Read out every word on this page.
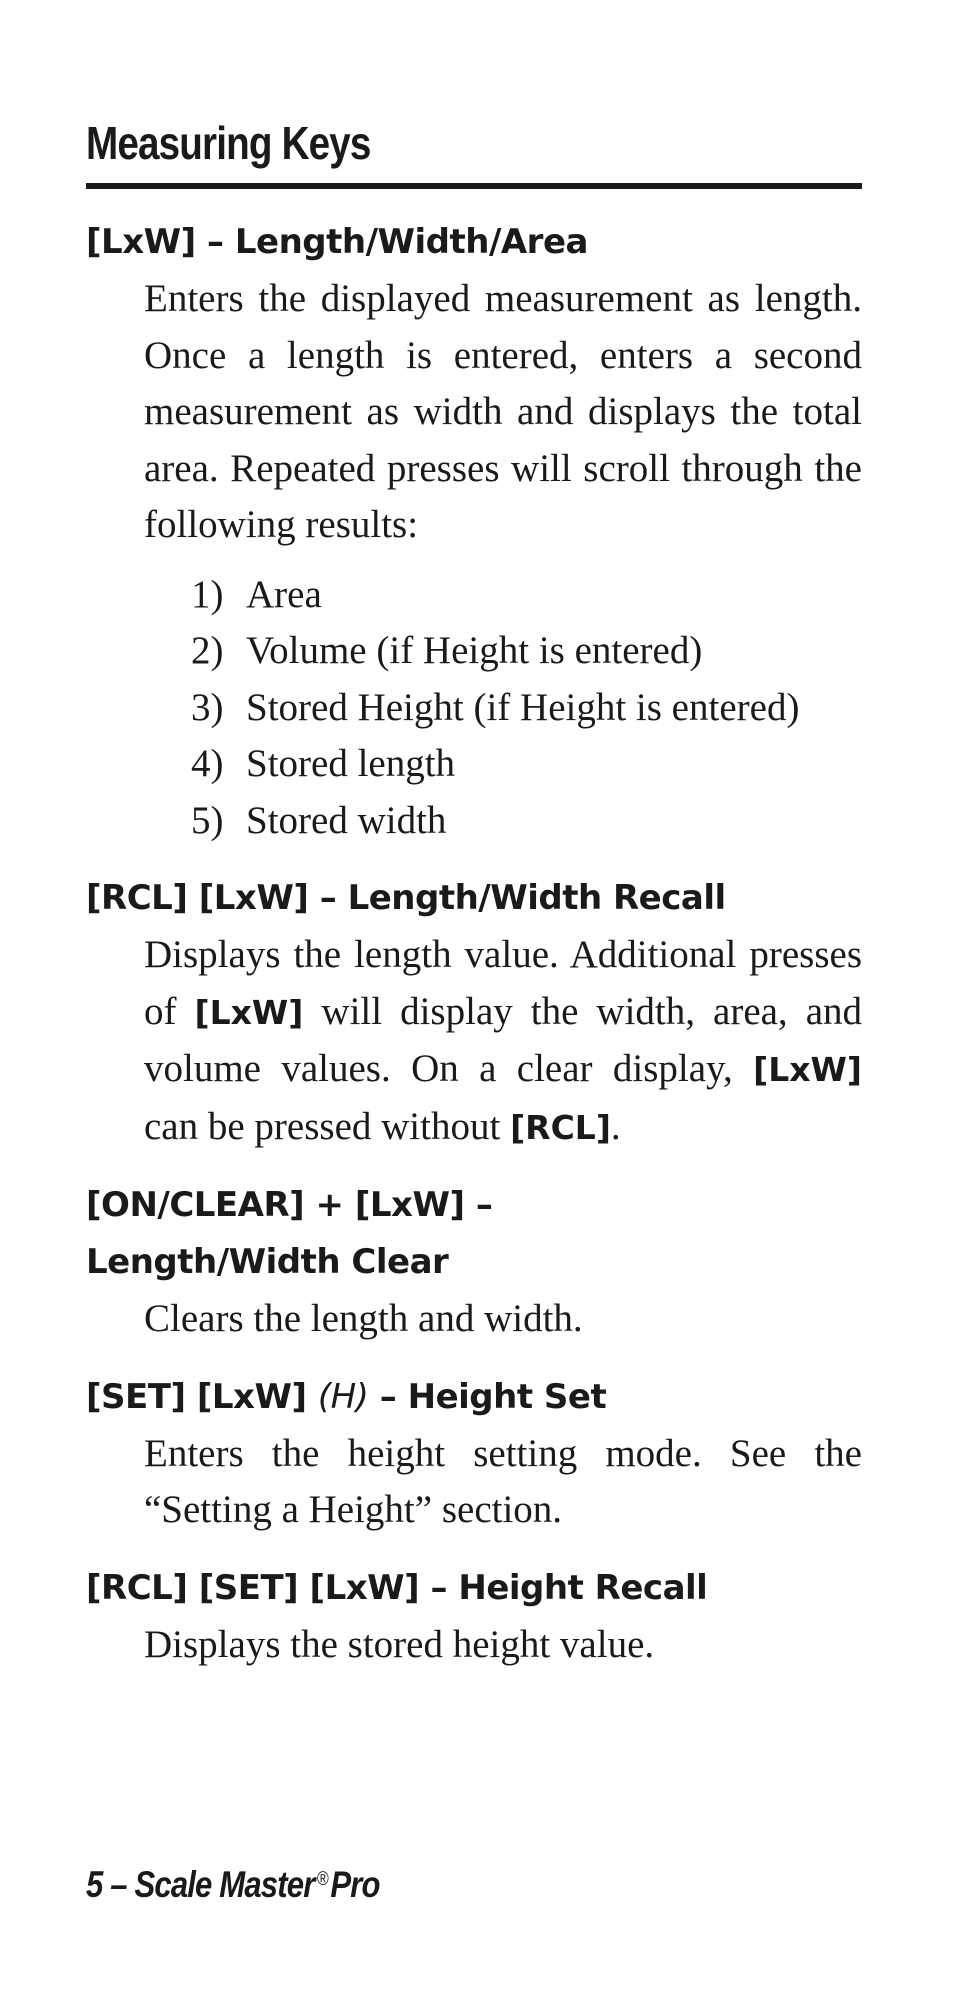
Measuring Keys

[LxW] – Length/Width/Area

Enters the displayed measurement as length. Once a length is entered, enters a second measurement as width and displays the total area. Repeated presses will scroll through the following results:

1) Area
2) Volume (if Height is entered)
3) Stored Height (if Height is entered)
4) Stored length
5) Stored width

[RCL] [LxW] – Length/Width Recall

Displays the length value. Additional presses of [LxW] will display the width, area, and volume values. On a clear display, [LxW] can be pressed without [RCL].

[ON/CLEAR] + [LxW] –
Length/Width Clear

Clears the length and width.

[SET] [LxW] (H) – Height Set

Enters the height setting mode. See the “Setting a Height” section.

[RCL] [SET] [LxW] – Height Recall

Displays the stored height value.

5 – Scale Master ®Pro
